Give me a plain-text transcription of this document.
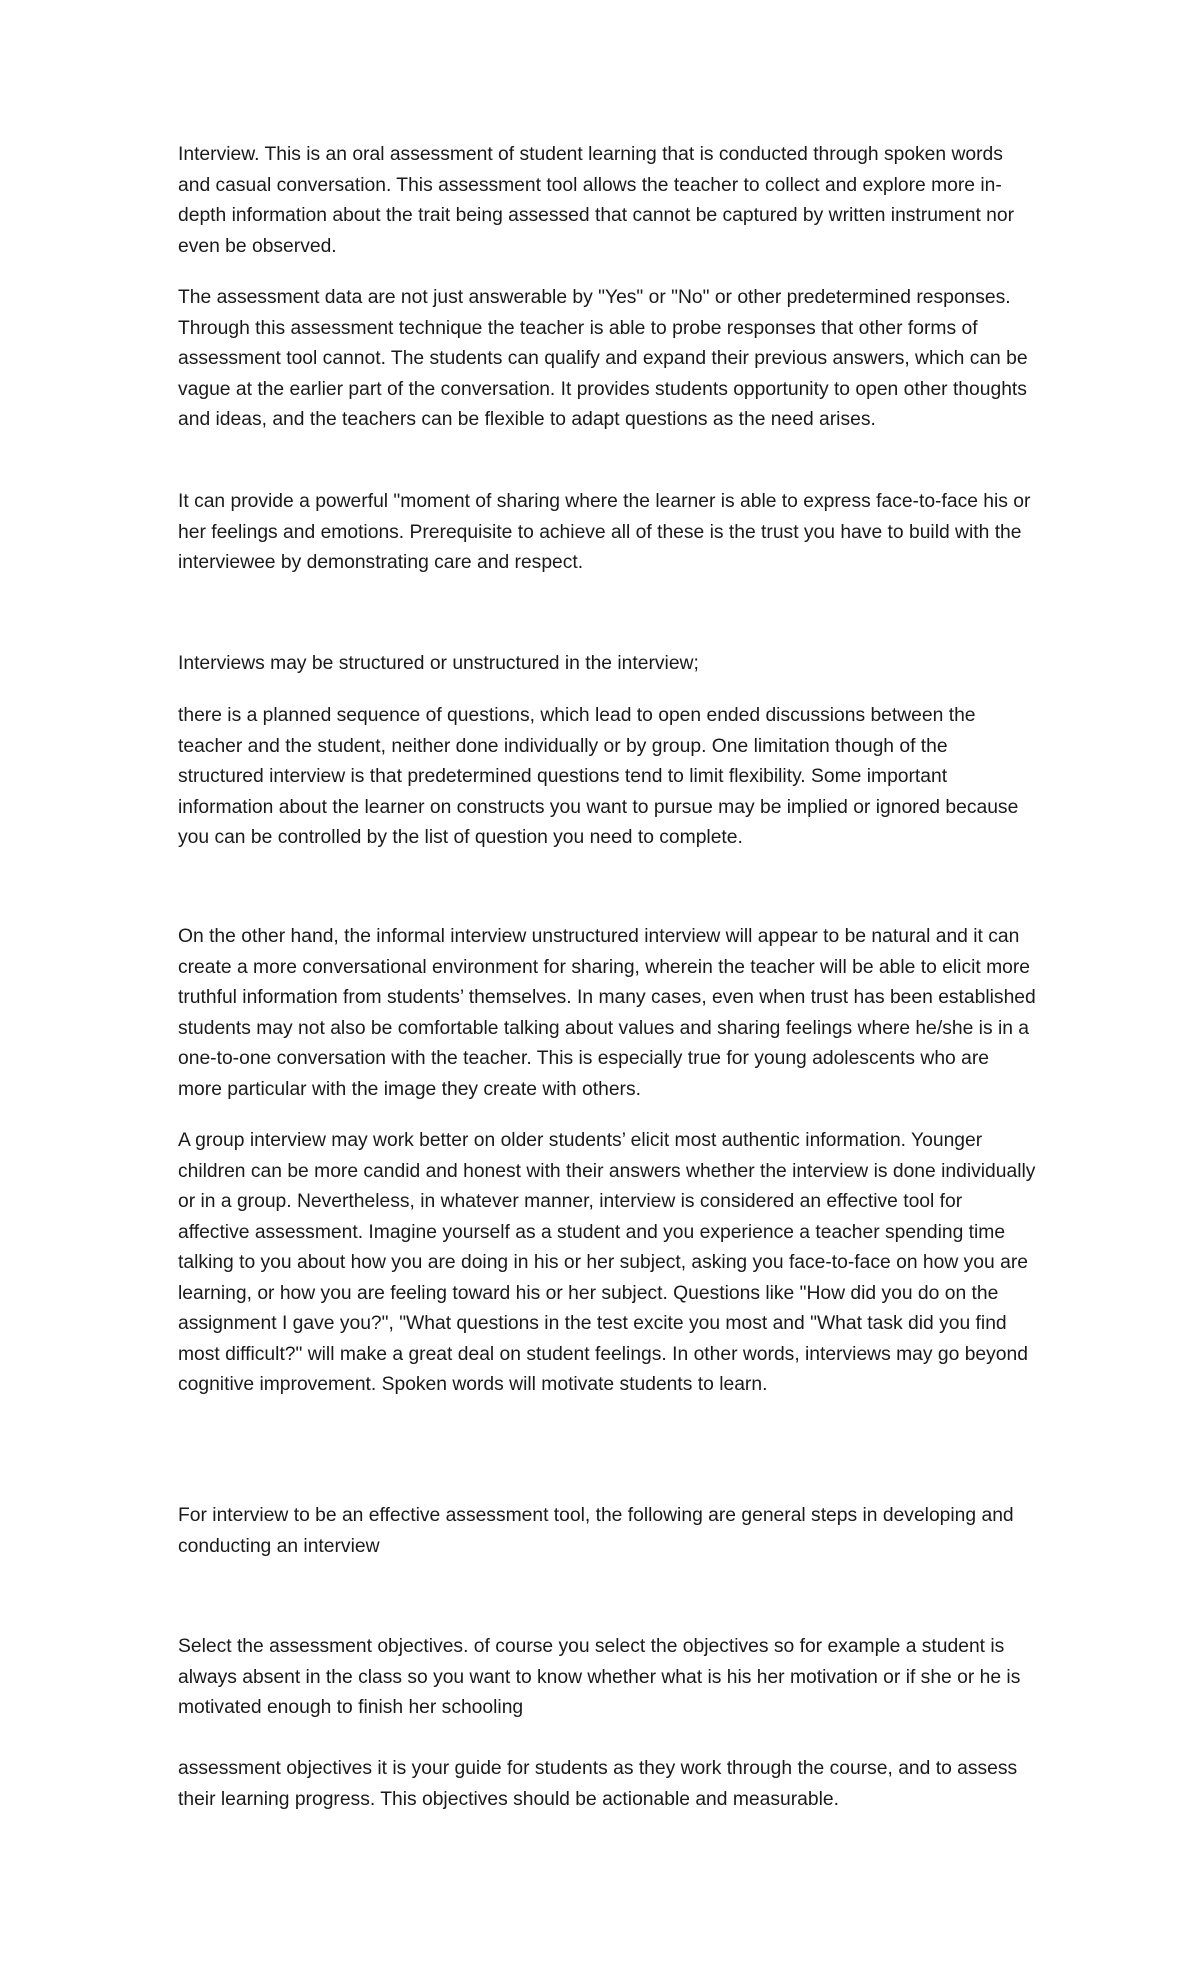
Interview. This is an oral assessment of student learning that is conducted through spoken words and casual conversation. This assessment tool allows the teacher to collect and explore more in-depth information about the trait being assessed that cannot be captured by written instrument nor even be observed.

The assessment data are not just answerable by "Yes" or "No" or other predetermined responses. Through this assessment technique the teacher is able to probe responses that other forms of assessment tool cannot. The students can qualify and expand their previous answers, which can be vague at the earlier part of the conversation. It provides students opportunity to open other thoughts and ideas, and the teachers can be flexible to adapt questions as the need arises.

It can provide a powerful "moment of sharing where the learner is able to express face-to-face his or her feelings and emotions. Prerequisite to achieve all of these is the trust you have to build with the interviewee by demonstrating care and respect.

Interviews may be structured or unstructured in the interview;

there is a planned sequence of questions, which lead to open ended discussions between the teacher and the student, neither done individually or by group. One limitation though of the structured interview is that predetermined questions tend to limit flexibility. Some important information about the learner on constructs you want to pursue may be implied or ignored because you can be controlled by the list of question you need to complete.

On the other hand, the informal interview unstructured interview will appear to be natural and it can create a more conversational environment for sharing, wherein the teacher will be able to elicit more truthful information from students’ themselves. In many cases, even when trust has been established students may not also be comfortable talking about values and sharing feelings where he/she is in a one-to-one conversation with the teacher. This is especially true for young adolescents who are more particular with the image they create with others.

A group interview may work better on older students’ elicit most authentic information. Younger children can be more candid and honest with their answers whether the interview is done individually or in a group. Nevertheless, in whatever manner, interview is considered an effective tool for affective assessment. Imagine yourself as a student and you experience a teacher spending time talking to you about how you are doing in his or her subject, asking you face-to-face on how you are learning, or how you are feeling toward his or her subject. Questions like "How did you do on the assignment I gave you?", "What questions in the test excite you most and "What task did you find most difficult?" will make a great deal on student feelings. In other words, interviews may go beyond cognitive improvement. Spoken words will motivate students to learn.

For interview to be an effective assessment tool, the following are general steps in developing and conducting an interview

Select the assessment objectives. of course you select the objectives so for example a student is always absent in the class so you want to know whether what is his her motivation or if she or he is motivated enough to finish her schooling

assessment objectives it is your guide for students as they work through the course, and to assess their learning progress. This objectives should be actionable and measurable.
